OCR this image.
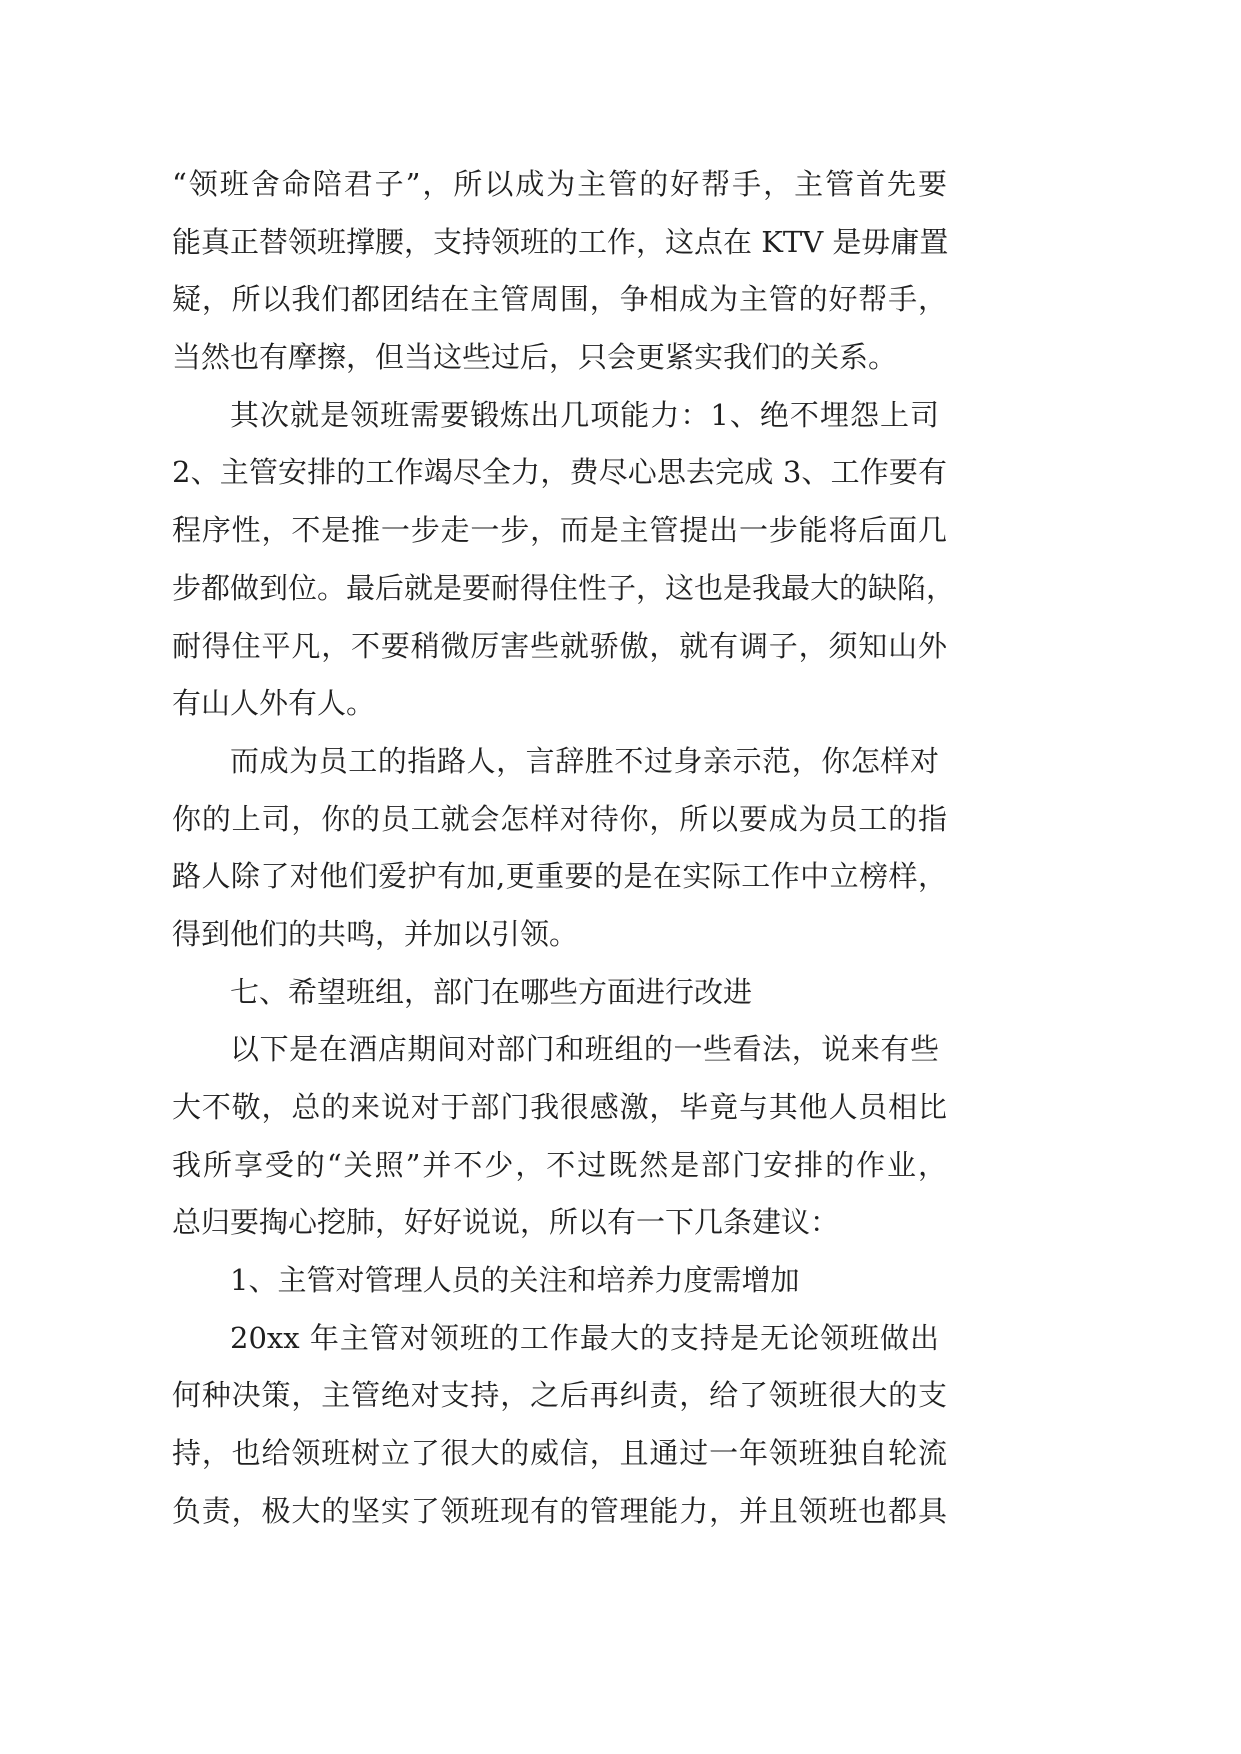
“领班舍命陪君子”，所以成为主管的好帮手，主管首先要
能真正替领班撑腰，支持领班的工作，这点在 KTV 是毋庸置
疑，所以我们都团结在主管周围，争相成为主管的好帮手，
当然也有摩擦，但当这些过后，只会更紧实我们的关系。
其次就是领班需要锻炼出几项能力：1、绝不埋怨上司
2、主管安排的工作竭尽全力，费尽心思去完成 3、工作要有
程序性，不是推一步走一步，而是主管提出一步能将后面几
步都做到位。最后就是要耐得住性子，这也是我最大的缺陷，
耐得住平凡，不要稍微厉害些就骄傲，就有调子，须知山外
有山人外有人。
而成为员工的指路人，言辞胜不过身亲示范，你怎样对
你的上司，你的员工就会怎样对待你，所以要成为员工的指
路人除了对他们爱护有加,更重要的是在实际工作中立榜样，
得到他们的共鸣，并加以引领。
七、希望班组，部门在哪些方面进行改进
以下是在酒店期间对部门和班组的一些看法，说来有些
大不敬，总的来说对于部门我很感激，毕竟与其他人员相比
我所享受的“关照”并不少，不过既然是部门安排的作业，
总归要掏心挖肺，好好说说，所以有一下几条建议：
1、主管对管理人员的关注和培养力度需增加
20xx 年主管对领班的工作最大的支持是无论领班做出
何种决策，主管绝对支持，之后再纠责，给了领班很大的支
持，也给领班树立了很大的威信，且通过一年领班独自轮流
负责，极大的坚实了领班现有的管理能力，并且领班也都具
